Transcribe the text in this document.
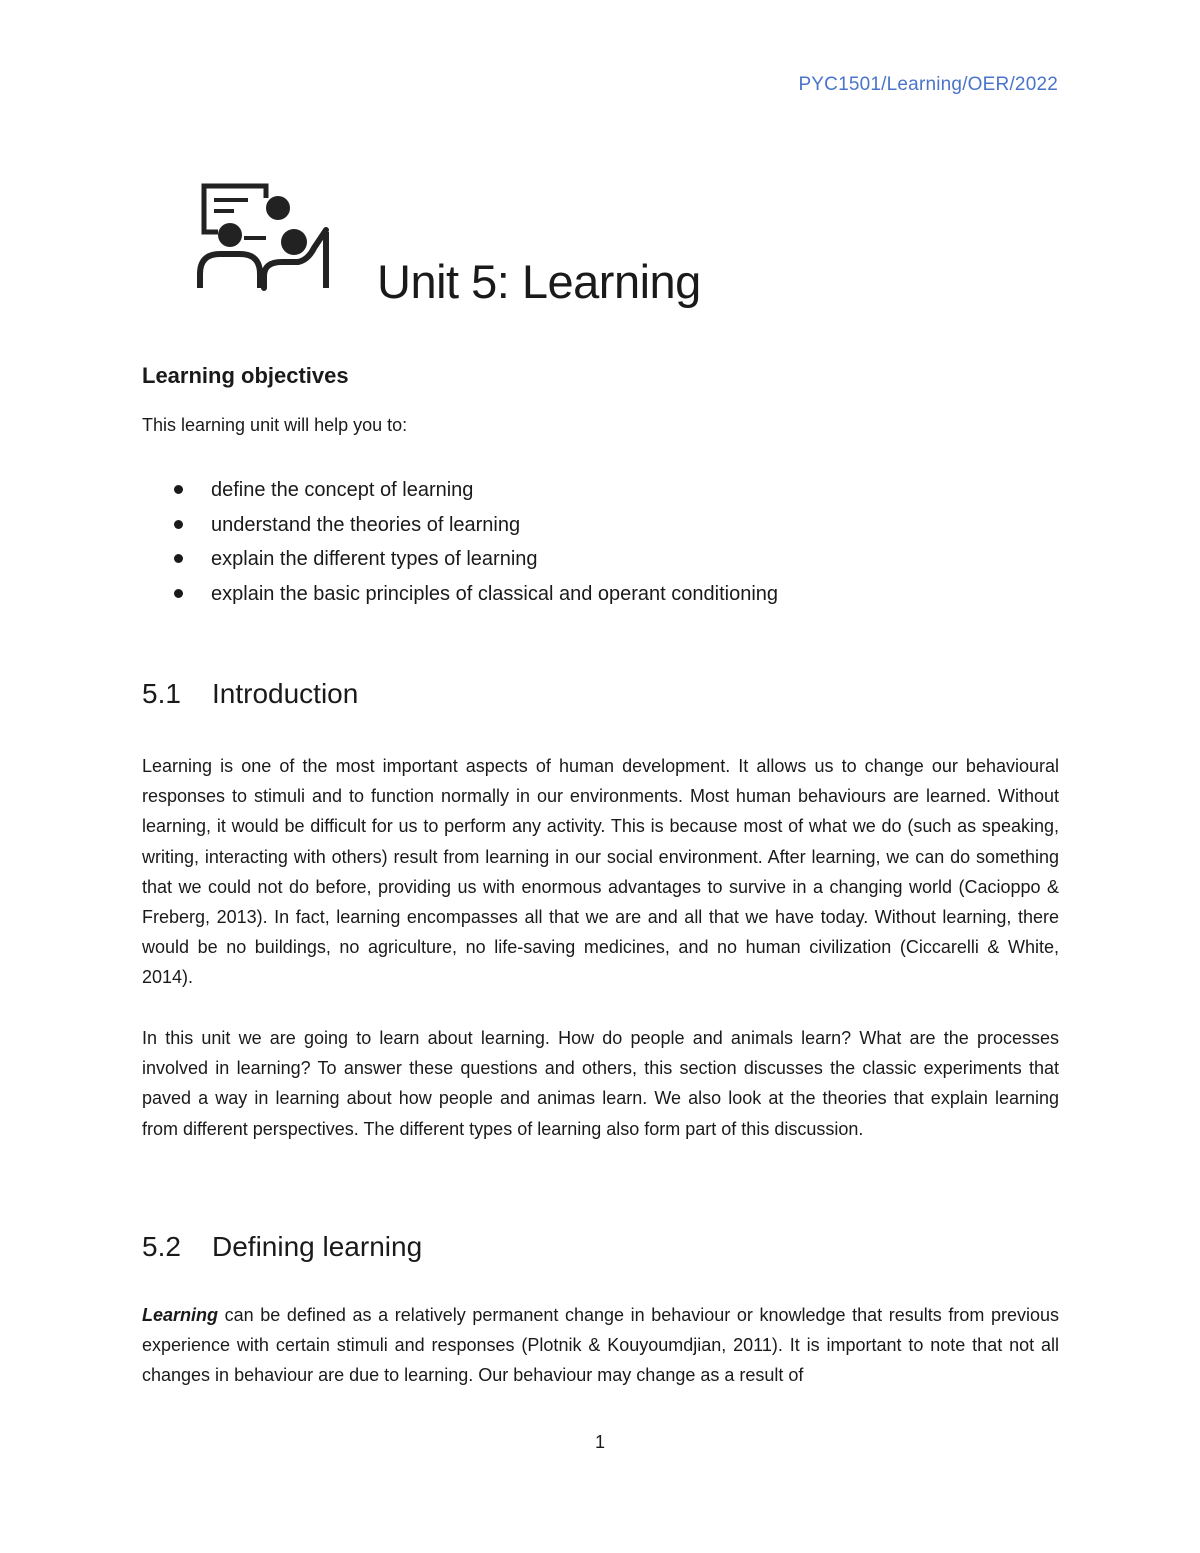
PYC1501/Learning/OER/2022
Unit 5: Learning
Learning objectives
This learning unit will help you to:
define the concept of learning
understand the theories of learning
explain the different types of learning
explain the basic principles of classical and operant conditioning
5.1 Introduction

Learning is one of the most important aspects of human development. It allows us to change our behavioural responses to stimuli and to function normally in our environments. Most human behaviours are learned. Without learning, it would be difficult for us to perform any activity. This is because most of what we do (such as speaking, writing, interacting with others) result from learning in our social environment. After learning, we can do something that we could not do before, providing us with enormous advantages to survive in a changing world (Cacioppo & Freberg, 2013). In fact, learning encompasses all that we are and all that we have today. Without learning, there would be no buildings, no agriculture, no life-saving medicines, and no human civilization (Ciccarelli & White, 2014).

In this unit we are going to learn about learning. How do people and animals learn? What are the processes involved in learning? To answer these questions and others, this section discusses the classic experiments that paved a way in learning about how people and animas learn. We also look at the theories that explain learning from different perspectives. The different types of learning also form part of this discussion.

5.2 Defining learning

Learning can be defined as a relatively permanent change in behaviour or knowledge that results from previous experience with certain stimuli and responses (Plotnik & Kouyoumdjian, 2011). It is important to note that not all changes in behaviour are due to learning. Our behaviour may change as a result of

1
